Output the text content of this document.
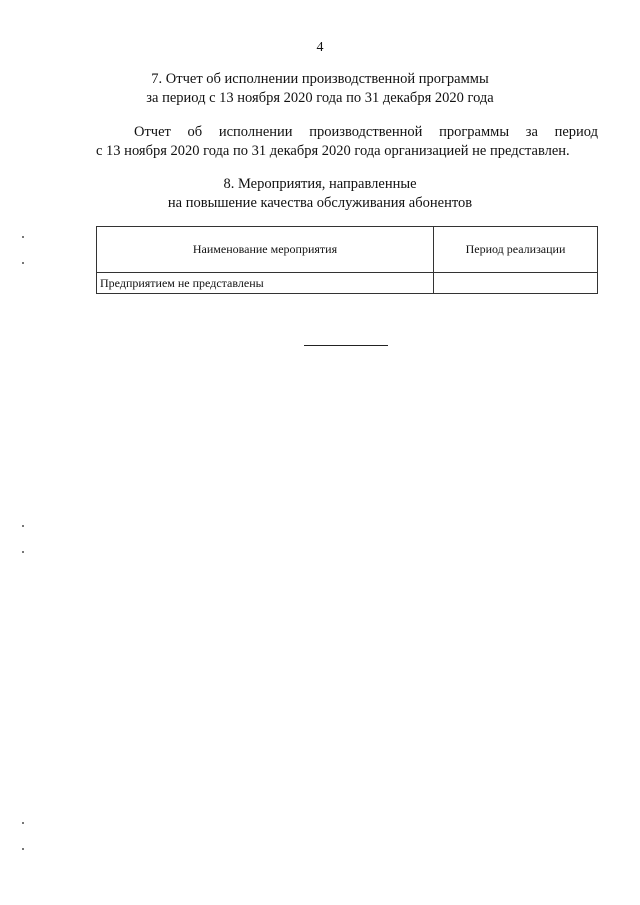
4
7. Отчет об исполнении производственной программы
за период с 13 ноября 2020 года по 31 декабря 2020 года
Отчет об исполнении производственной программы за период
с 13 ноября 2020 года по 31 декабря 2020 года организацией не представлен.
8. Мероприятия, направленные
на повышение качества обслуживания абонентов
Наименование мероприятия	Период реализации
Предприятием не представлены	
